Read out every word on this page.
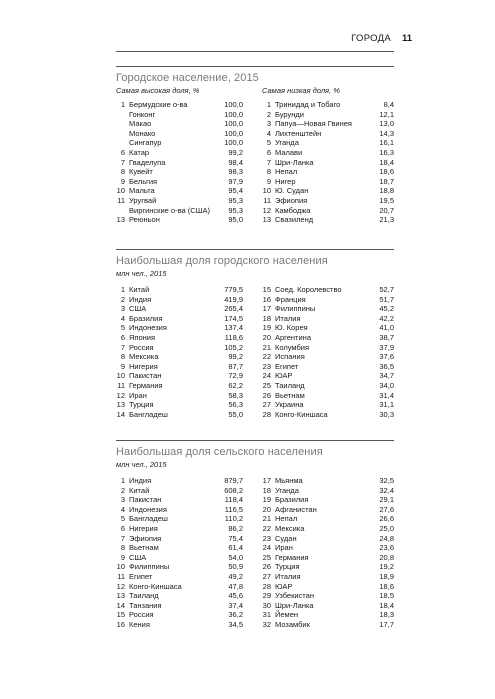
ГОРОДА 11
Городское население, 2015
Самая высокая доля, %	Самая низкая доля, %
1 Бермудские о-ва	100,0
Гонконг	100,0
Макао	100,0
Монако	100,0
Сингапур	100,0
6 Катар	99,2
7 Гваделупа	98,4
8 Кувейт	98,3
9 Бельгия	97,9
10 Мальта	95,4
11 Уругвай	95,3
Виргинские о-ва (США) 95,3
13 Реюньон	95,0
1 Тринидад и Тобаго	8,4
2 Бурунди	12,1
3 Папуа—Новая Гвинея	13,0
4 Лихтенштейн	14,3
5 Уганда	16,1
6 Малави	16,3
7 Шри-Ланка	18,4
8 Непал	18,6
9 Нигер	18,7
10 Ю. Судан	18,8
11 Эфиопия	19,5
12 Камбоджа	20,7
13 Свазиленд	21,3
Наибольшая доля городского населения
млн чел., 2015
1 Китай	779,5
2 Индия	419,9
3 США	265,4
4 Бразилия	174,5
5 Индонезия	137,4
6 Япония	118,6
7 Россия	105,2
8 Мексика	99,2
9 Нигерия	87,7
10 Пакистан	72,9
11 Германия	62,2
12 Иран	58,3
13 Турция	56,3
14 Бангладеш	55,0
15 Соед. Королевство	52,7
16 Франция	51,7
17 Филиппины	45,2
18 Италия	42,2
19 Ю. Корея	41,0
20 Аргентина	38,7
21 Колумбия	37,9
22 Испания	37,6
23 Египет	36,5
24 ЮАР	34,7
25 Таиланд	34,0
26 Вьетнам	31,4
27 Украина	31,1
28 Конго-Киншаса	30,3
Наибольшая доля сельского населения
млн чел., 2015
1 Индия	879,7
2 Китай	608,2
3 Пакистан	118,4
4 Индонезия	116,5
5 Бангладеш	110,2
6 Нигерия	86,2
7 Эфиопия	75,4
8 Вьетнам	61,4
9 США	54,0
10 Филиппины	50,9
11 Египет	49,2
12 Конго-Киншаса	47,8
13 Таиланд	45,6
14 Танзания	37,4
15 Россия	36,2
16 Кения	34,5
17 Мьянма	32,5
18 Уганда	32,4
19 Бразилия	29,1
20 Афганистан	27,6
21 Непал	26,6
22 Мексика	25,0
23 Судан	24,8
24 Иран	23,6
25 Германия	20,8
26 Турция	19,2
27 Италия	18,9
28 ЮАР	18,6
29 Узбекистан	18,5
30 Шри-Ланка	18,4
31 Йемен	18,3
32 Мозамбик	17,7
